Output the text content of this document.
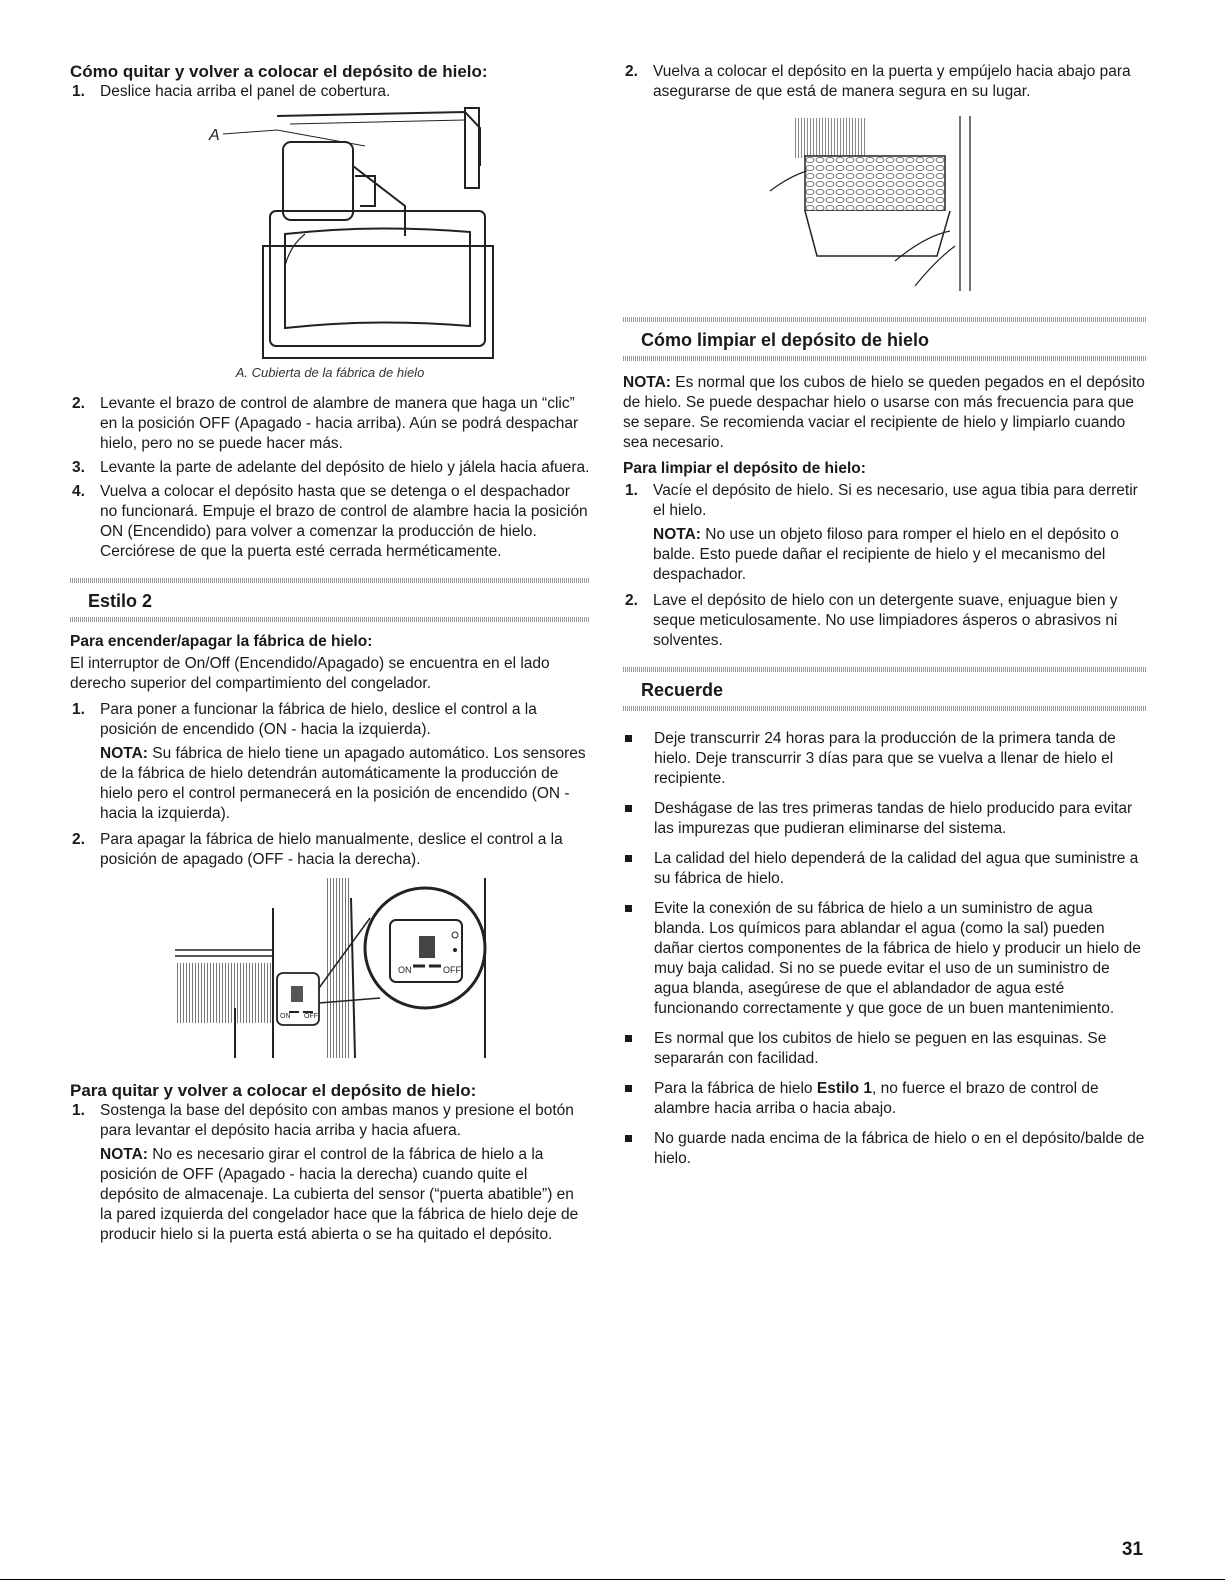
Cómo quitar y volver a colocar el depósito de hielo:
1. Deslice hacia arriba el panel de cobertura.
A

A. Cubierta de la fábrica de hielo

2. Levante el brazo de control de alambre de manera que haga un “clic” en la posición OFF (Apagado - hacia arriba). Aún se podrá despachar hielo, pero no se puede hacer más.
3. Levante la parte de adelante del depósito de hielo y jálela hacia afuera.
4. Vuelva a colocar el depósito hasta que se detenga o el despachador no funcionará. Empuje el brazo de control de alambre hacia la posición ON (Encendido) para volver a comenzar la producción de hielo. Cerciórese de que la puerta esté cerrada herméticamente.
Estilo 2
Para encender/apagar la fábrica de hielo:

El interruptor de On/Off (Encendido/Apagado) se encuentra en el lado derecho superior del compartimiento del congelador.

1. Para poner a funcionar la fábrica de hielo, deslice el control a la posición de encendido (ON - hacia la izquierda).
NOTA: Su fábrica de hielo tiene un apagado automático. Los sensores de la fábrica de hielo detendrán automáticamente la producción de hielo pero el control permanecerá en la posición de encendido (ON - hacia la izquierda).
2. Para apagar la fábrica de hielo manualmente, deslice el control a la posición de apagado (OFF - hacia la derecha).
ON OFF
ON	OFF
Para quitar y volver a colocar el depósito de hielo:
1. Sostenga la base del depósito con ambas manos y presione el botón para levantar el depósito hacia arriba y hacia afuera.
NOTA: No es necesario girar el control de la fábrica de hielo a la posición de OFF (Apagado - hacia la derecha) cuando quite el depósito de almacenaje. La cubierta del sensor (“puerta abatible”) en la pared izquierda del congelador hace que la fábrica de hielo deje de producir hielo si la puerta está abierta o se ha quitado el depósito.
2. Vuelva a colocar el depósito en la puerta y empújelo hacia abajo para asegurarse de que está de manera segura en su lugar.
Cómo limpiar el depósito de hielo

NOTA: Es normal que los cubos de hielo se queden pegados en el depósito de hielo. Se puede despachar hielo o usarse con más frecuencia para que se separe. Se recomienda vaciar el recipiente de hielo y limpiarlo cuando sea necesario.

Para limpiar el depósito de hielo:
1. Vacíe el depósito de hielo. Si es necesario, use agua tibia para derretir el hielo.
NOTA: No use un objeto filoso para romper el hielo en el depósito o balde. Esto puede dañar el recipiente de hielo y el mecanismo del despachador.
2. Lave el depósito de hielo con un detergente suave, enjuague bien y seque meticulosamente. No use limpiadores ásperos o abrasivos ni solventes.
Recuerde
Deje transcurrir 24 horas para la producción de la primera tanda de hielo. Deje transcurrir 3 días para que se vuelva a llenar de hielo el recipiente.
Deshágase de las tres primeras tandas de hielo producido para evitar las impurezas que pudieran eliminarse del sistema.
La calidad del hielo dependerá de la calidad del agua que suministre a su fábrica de hielo.
Evite la conexión de su fábrica de hielo a un suministro de agua blanda. Los químicos para ablandar el agua (como la sal) pueden dañar ciertos componentes de la fábrica de hielo y producir un hielo de muy baja calidad. Si no se puede evitar el uso de un suministro de agua blanda, asegúrese de que el ablandador de agua esté funcionando correctamente y que goce de un buen mantenimiento.
Es normal que los cubitos de hielo se peguen en las esquinas. Se separarán con facilidad.
Para la fábrica de hielo Estilo 1, no fuerce el brazo de control de alambre hacia arriba o hacia abajo.
No guarde nada encima de la fábrica de hielo o en el depósito/balde de hielo.
31
